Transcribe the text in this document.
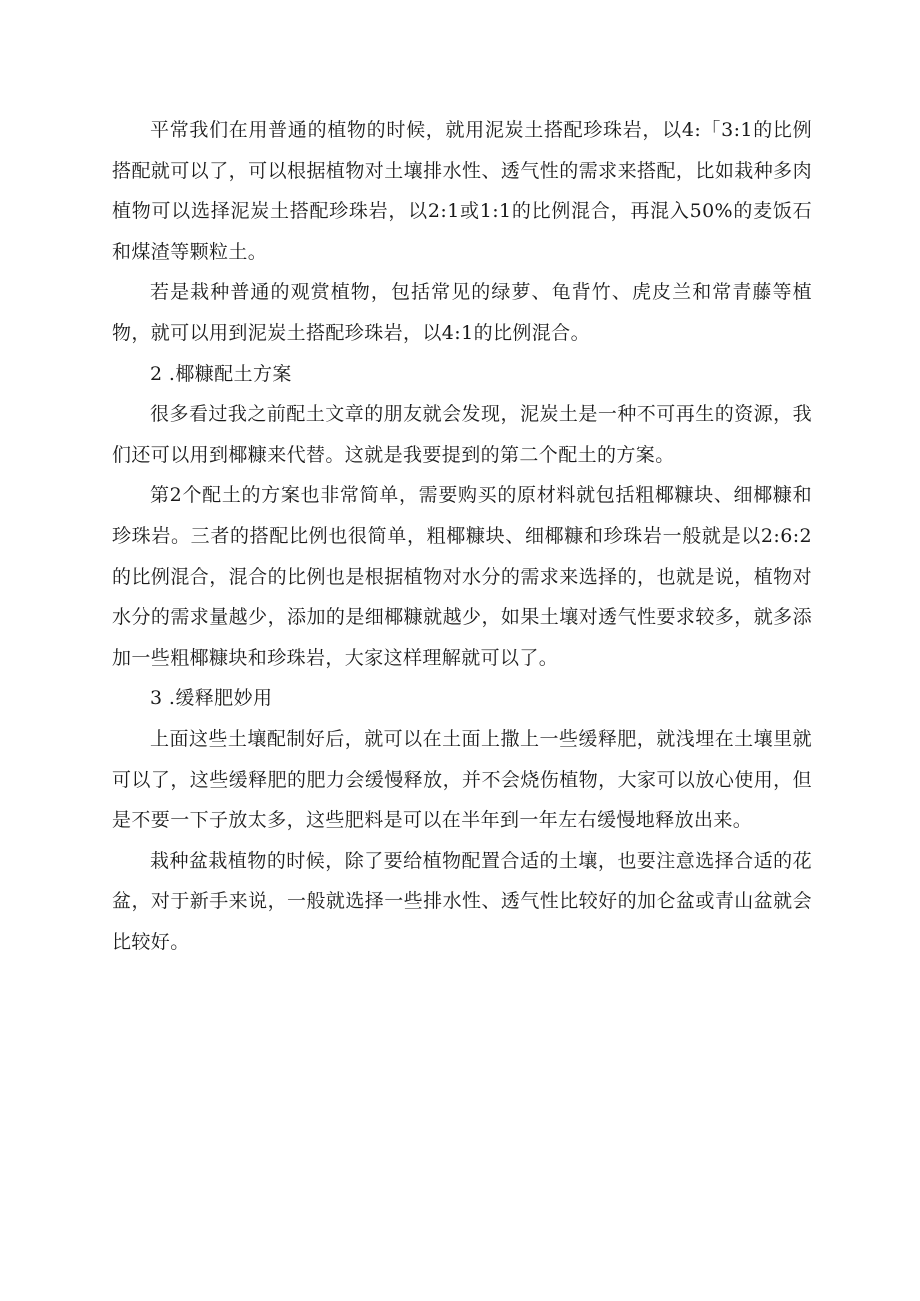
平常我们在用普通的植物的时候，就用泥炭土搭配珍珠岩，以4:「3:1的比例搭配就可以了，可以根据植物对土壤排水性、透气性的需求来搭配，比如栽种多肉植物可以选择泥炭土搭配珍珠岩，以2:1或1:1的比例混合，再混入50%的麦饭石和煤渣等颗粒土。

若是栽种普通的观赏植物，包括常见的绿萝、龟背竹、虎皮兰和常青藤等植物，就可以用到泥炭土搭配珍珠岩，以4:1的比例混合。

2 .椰糠配土方案

很多看过我之前配土文章的朋友就会发现，泥炭土是一种不可再生的资源，我们还可以用到椰糠来代替。这就是我要提到的第二个配土的方案。

第2个配土的方案也非常简单，需要购买的原材料就包括粗椰糠块、细椰糠和珍珠岩。三者的搭配比例也很简单，粗椰糠块、细椰糠和珍珠岩一般就是以2:6:2的比例混合，混合的比例也是根据植物对水分的需求来选择的，也就是说，植物对水分的需求量越少，添加的是细椰糠就越少，如果土壤对透气性要求较多，就多添加一些粗椰糠块和珍珠岩，大家这样理解就可以了。

3 .缓释肥妙用

上面这些土壤配制好后，就可以在土面上撒上一些缓释肥，就浅埋在土壤里就可以了，这些缓释肥的肥力会缓慢释放，并不会烧伤植物，大家可以放心使用，但是不要一下子放太多，这些肥料是可以在半年到一年左右缓慢地释放出来。

栽种盆栽植物的时候，除了要给植物配置合适的土壤，也要注意选择合适的花盆，对于新手来说，一般就选择一些排水性、透气性比较好的加仑盆或青山盆就会比较好。
